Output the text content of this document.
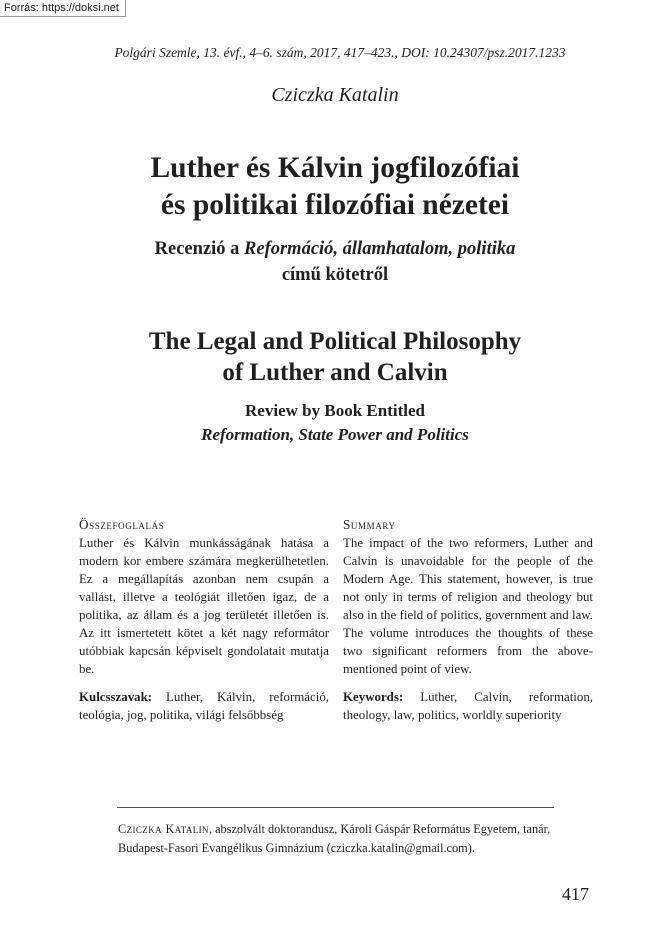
Forrás: https://doksi.net
Polgári Szemle, 13. évf., 4–6. szám, 2017, 417–423., DOI: 10.24307/psz.2017.1233
Cziczka Katalin
Luther és Kálvin jogfilozófiai
és politikai filozófiai nézetei
Recenzió a Reformáció, államhatalom, politika
című kötetről
The Legal and Political Philosophy
of Luther and Calvin
Review by Book Entitled
Reformation, State Power and Politics
Összefoglalás

Luther és Kálvin munkásságának hatása a modern kor embere számára megkerülhetetlen. Ez a megállapítás azonban nem csupán a vallást, illetve a teológiát illetően igaz, de a politika, az állam és a jog területét illetően is. Az itt ismertetett kötet a két nagy reformátor utóbbiak kapcsán képviselt gondolatait mutatja be.

Kulcsszavak: Luther, Kálvin, reformáció, teológia, jog, politika, világi felsőbbség

Summary

The impact of the two reformers, Luther and Calvin is unavoidable for the people of the Modern Age. This statement, however, is true not only in terms of religion and theology but also in the field of politics, government and law. The volume introduces the thoughts of these two significant reformers from the above-mentioned point of view.

Keywords: Luther, Calvin, reformation, theology, law, politics, worldly superiority

Cziczka Katalin, abszolvált doktorandusz, Károli Gáspár Református Egyetem, tanár, Budapest-Fasori Evangélikus Gimnázium (cziczka.katalin@gmail.com).
417
